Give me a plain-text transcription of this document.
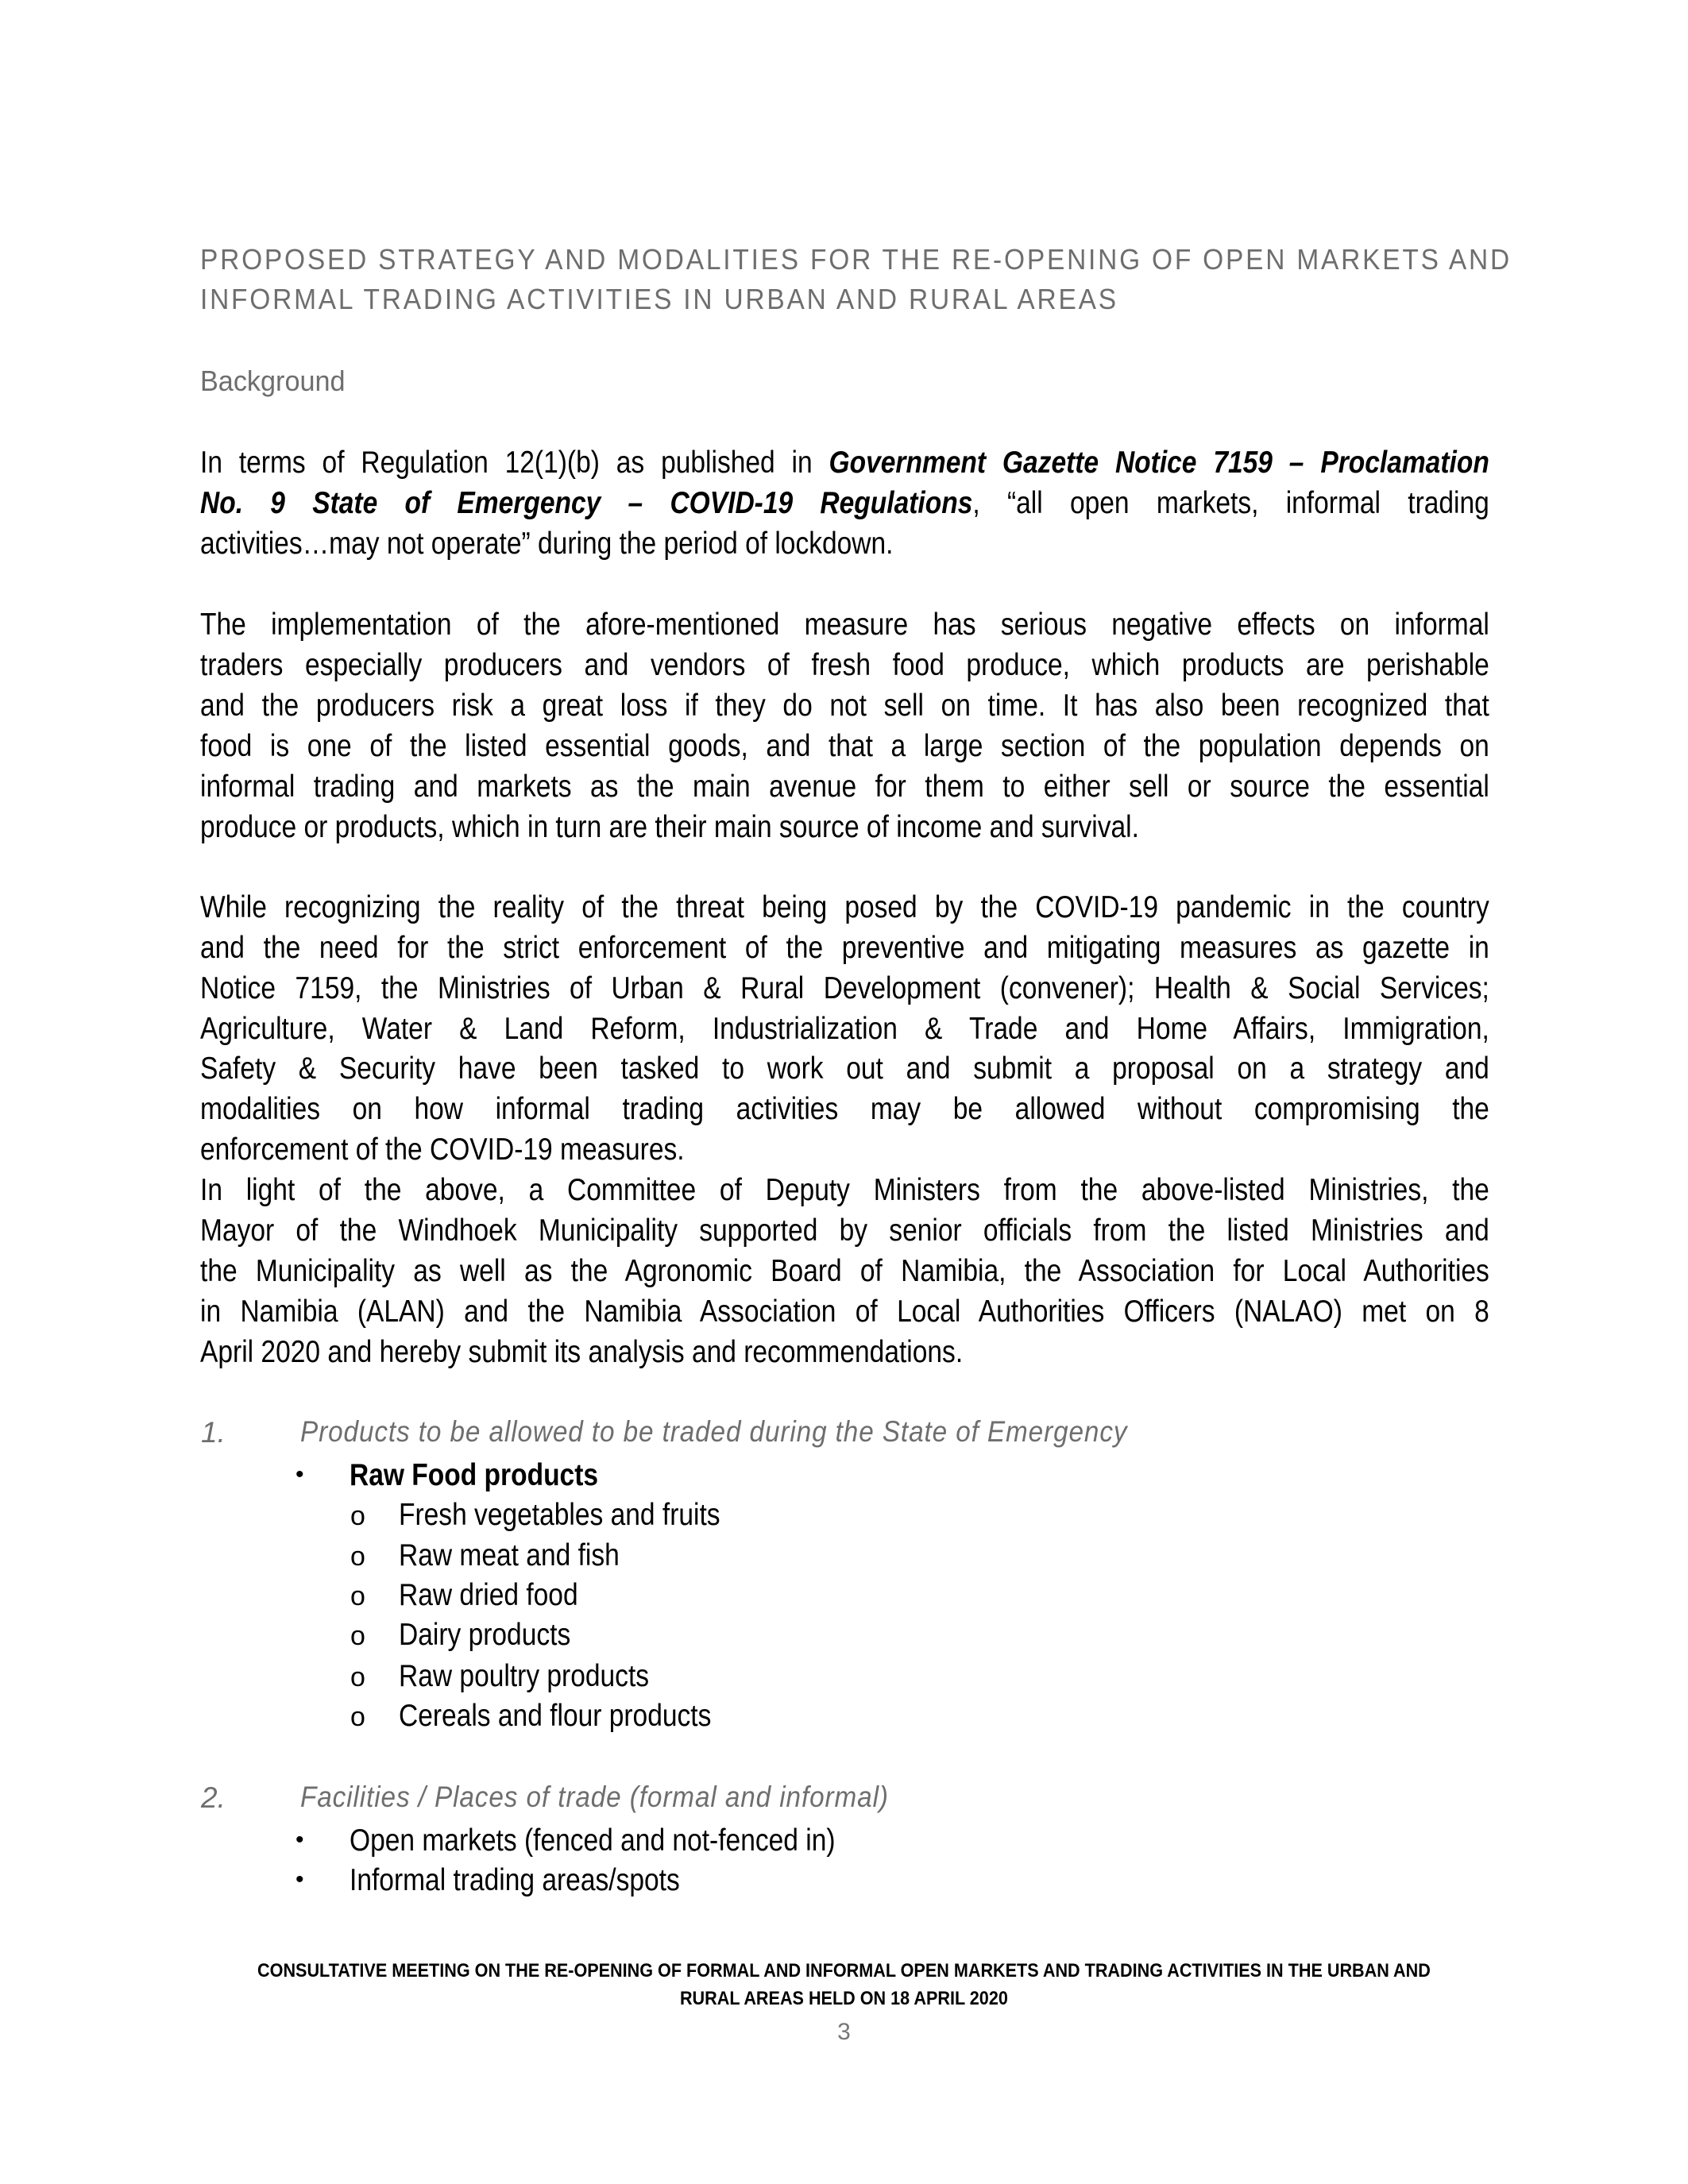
PROPOSED STRATEGY AND MODALITIES FOR THE RE-OPENING OF OPEN MARKETS AND
INFORMAL TRADING ACTIVITIES IN URBAN AND RURAL AREAS
Background
In terms of Regulation 12(1)(b) as published in Government Gazette Notice 7159 – Proclamation
No. 9 State of Emergency – COVID-19 Regulations, “all open markets, informal trading
activities…may not operate” during the period of lockdown.
The implementation of the afore-mentioned measure has serious negative effects on informal
traders especially producers and vendors of fresh food produce, which products are perishable
and the producers risk a great loss if they do not sell on time. It has also been recognized that
food is one of the listed essential goods, and that a large section of the population depends on
informal trading and markets as the main avenue for them to either sell or source the essential
produce or products, which in turn are their main source of income and survival.
While recognizing the reality of the threat being posed by the COVID-19 pandemic in the country
and the need for the strict enforcement of the preventive and mitigating measures as gazette in
Notice 7159, the Ministries of Urban & Rural Development (convener); Health & Social Services;
Agriculture, Water & Land Reform, Industrialization & Trade and Home Affairs, Immigration,
Safety & Security have been tasked to work out and submit a proposal on a strategy and
modalities on how informal trading activities may be allowed without compromising the
enforcement of the COVID-19 measures.
In light of the above, a Committee of Deputy Ministers from the above-listed Ministries, the
Mayor of the Windhoek Municipality supported by senior officials from the listed Ministries and
the Municipality as well as the Agronomic Board of Namibia, the Association for Local Authorities
in Namibia (ALAN) and the Namibia Association of Local Authorities Officers (NALAO) met on 8
April 2020 and hereby submit its analysis and recommendations.
1.	Products to be allowed to be traded during the State of Emergency
• Raw Food products
o Fresh vegetables and fruits
o Raw meat and fish
o Raw dried food
o Dairy products
o Raw poultry products
o Cereals and flour products
2.	Facilities / Places of trade (formal and informal)
• Open markets (fenced and not-fenced in)
• Informal trading areas/spots
CONSULTATIVE MEETING ON THE RE-OPENING OF FORMAL AND INFORMAL OPEN MARKETS AND TRADING ACTIVITIES IN THE URBAN AND
RURAL AREAS HELD ON 18 APRIL 2020
3
